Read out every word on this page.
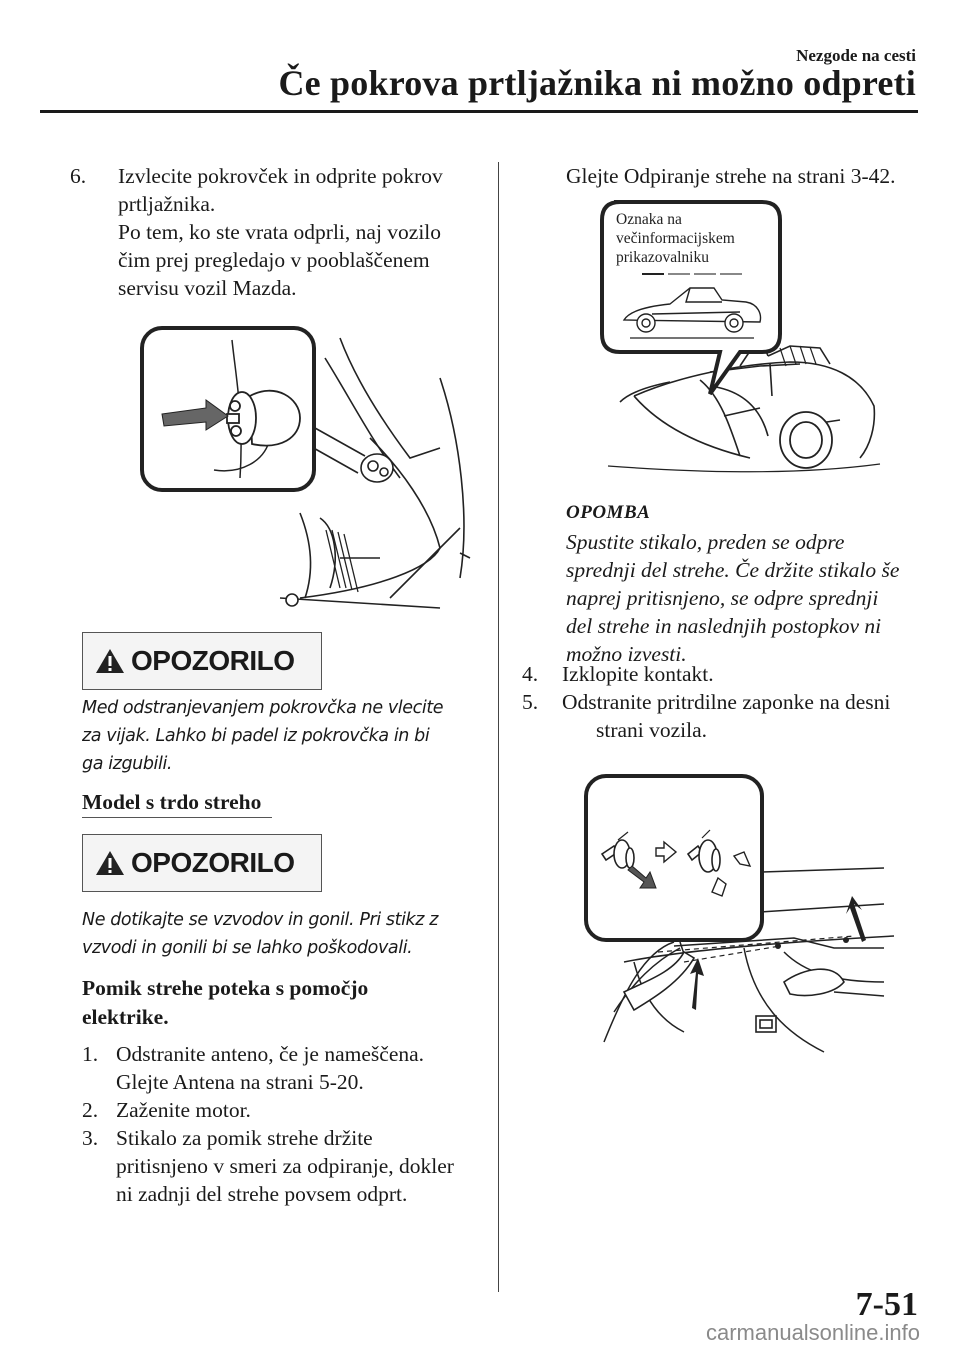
Nezgode na cesti
Če pokrova prtljažnika ni možno odpreti
6. Izvlecite pokrovček in odprite pokrov
prtljažnika.
Po tem, ko ste vrata odprli, naj vozilo
čim prej pregledajo v pooblaščenem
servisu vozil Mazda.
OPOZORILO
Med odstranjevanjem pokrovčka ne vlecite
za vijak. Lahko bi padel iz pokrovčka in bi
ga izgubili.
Model s trdo streho
OPOZORILO
Ne dotikajte se vzvodov in gonil. Pri stikz z
vzvodi in gonili bi se lahko poškodovali.
Pomik strehe poteka s pomočjo
elektrike.
1. Odstranite anteno, če je nameščena.
Glejte Antena na strani 5-20.
2. Zaženite motor.
3. Stikalo za pomik strehe držite
pritisnjeno v smeri za odpiranje, dokler
ni zadnji del strehe povsem odprt.
Glejte Odpiranje strehe na strani 3-42.
Oznaka na
večinformacijskem
prikazovalniku
OPOMBA
Spustite stikalo, preden se odpre
sprednji del strehe. Če držite stikalo še
naprej pritisnjeno, se odpre sprednji
del strehe in naslednjih postopkov ni
možno izvesti.
4. Izklopite kontakt.
5. Odstranite pritrdilne zaponke na desni
strani vozila.
7-51
carmanualsonline.info
